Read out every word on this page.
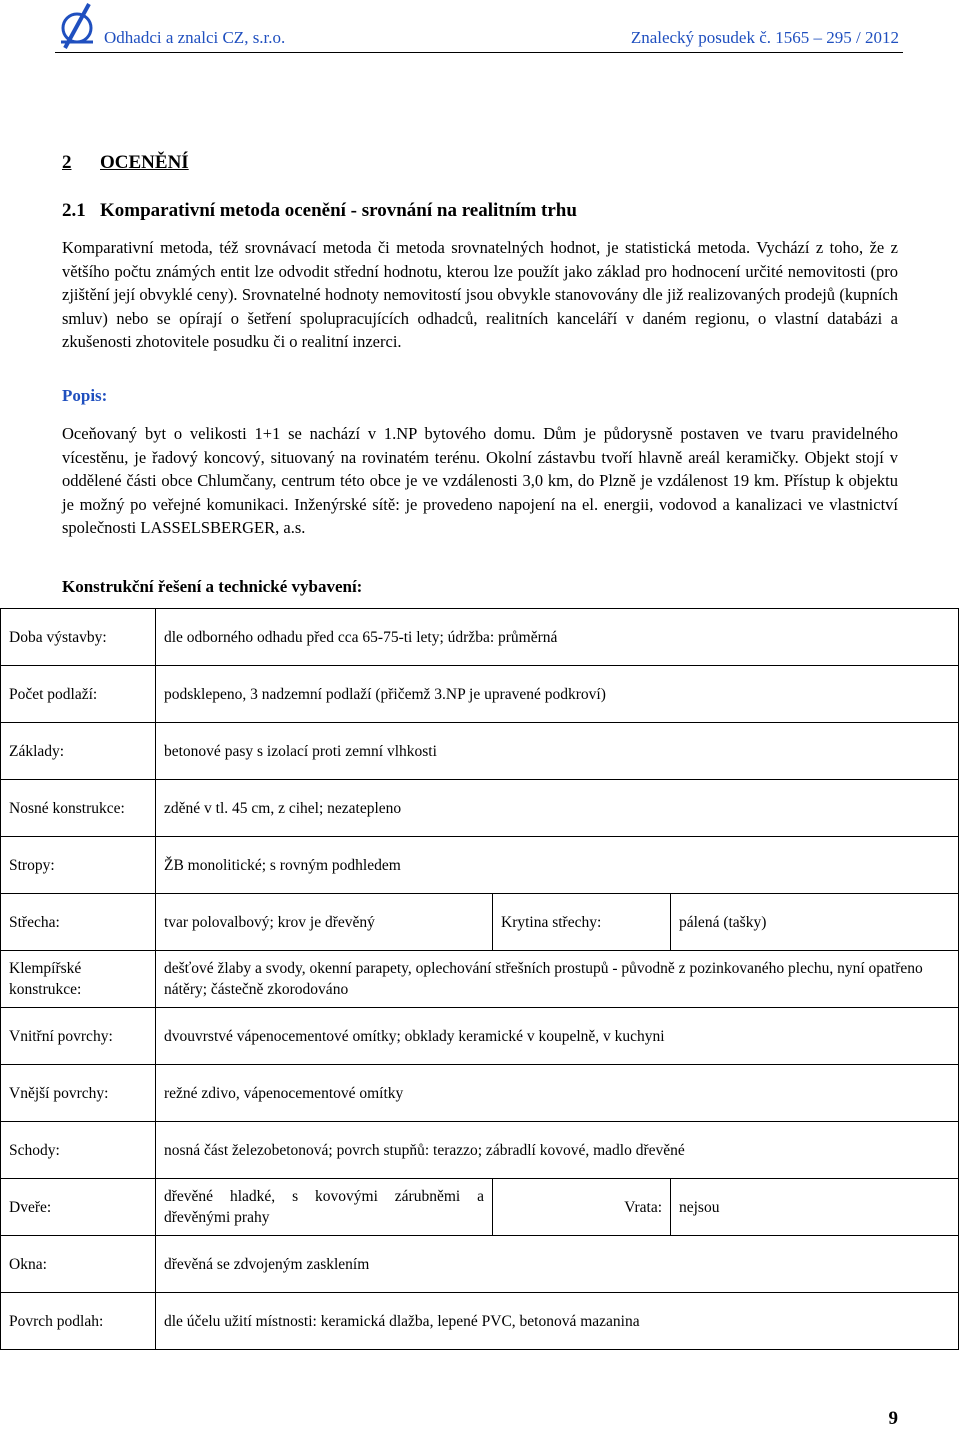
Odhadci a znalci CZ, s.r.o.	Znalecký posudek č. 1565 – 295 / 2012
2	OCENĚNÍ
2.1	Komparativní metoda ocenění - srovnání na realitním trhu
Komparativní metoda, též srovnávací metoda či metoda srovnatelných hodnot, je statistická metoda. Vychází z toho, že z většího počtu známých entit lze odvodit střední hodnotu, kterou lze použít jako základ pro hodnocení určité nemovitosti (pro zjištění její obvyklé ceny). Srovnatelné hodnoty nemovitostí jsou obvykle stanovovány dle již realizovaných prodejů (kupních smluv) nebo se opírají o šetření spolupracujících odhadců, realitních kanceláří v daném regionu, o vlastní databázi a zkušenosti zhotovitele posudku či o realitní inzerci.
Popis:
Oceňovaný byt o velikosti 1+1 se nachází v 1.NP bytového domu. Dům je půdorysně postaven ve tvaru pravidelného vícestěnu, je řadový koncový, situovaný na rovinatém terénu. Okolní zástavbu tvoří hlavně areál keramičky. Objekt stojí v oddělené části obce Chlumčany, centrum této obce je ve vzdálenosti 3,0 km, do Plzně je vzdálenost 19 km. Přístup k objektu je možný po veřejné komunikaci. Inženýrské sítě: je provedeno napojení na el. energii, vodovod a kanalizaci ve vlastnictví společnosti LASSELSBERGER, a.s.
Konstrukční řešení a technické vybavení:
Doba výstavby:	dle odborného odhadu před cca 65-75-ti lety; údržba: průměrná		
Počet podlaží:	podsklepeno, 3 nadzemní podlaží (přičemž 3.NP je upravené podkroví)		
Základy:	betonové pasy s izolací proti zemní vlhkosti		
Nosné konstrukce:	zděné v tl. 45 cm, z cihel; nezatepleno		
Stropy:	ŽB monolitické; s rovným podhledem		
Střecha:	tvar polovalbový; krov je dřevěný	Krytina střechy:	pálená (tašky)
Klempířské konstrukce:	dešťové žlaby a svody, okenní parapety, oplechování střešních prostupů - původně z pozinkovaného plechu, nyní opatřeno nátěry; částečně zkorodováno		
Vnitřní povrchy:	dvouvrstvé vápenocementové omítky; obklady keramické v koupelně, v kuchyni		
Vnější povrchy:	režné zdivo, vápenocementové omítky		
Schody:	nosná část železobetonová; povrch stupňů: terazzo; zábradlí kovové, madlo dřevěné		
Dveře:	dřevěné hladké, s kovovými zárubněmi a dřevěnými prahy	Vrata:	nejsou
Okna:	dřevěná se zdvojeným zasklením		
Povrch podlah:	dle účelu užití místnosti: keramická dlažba, lepené PVC, betonová mazanina		
9
